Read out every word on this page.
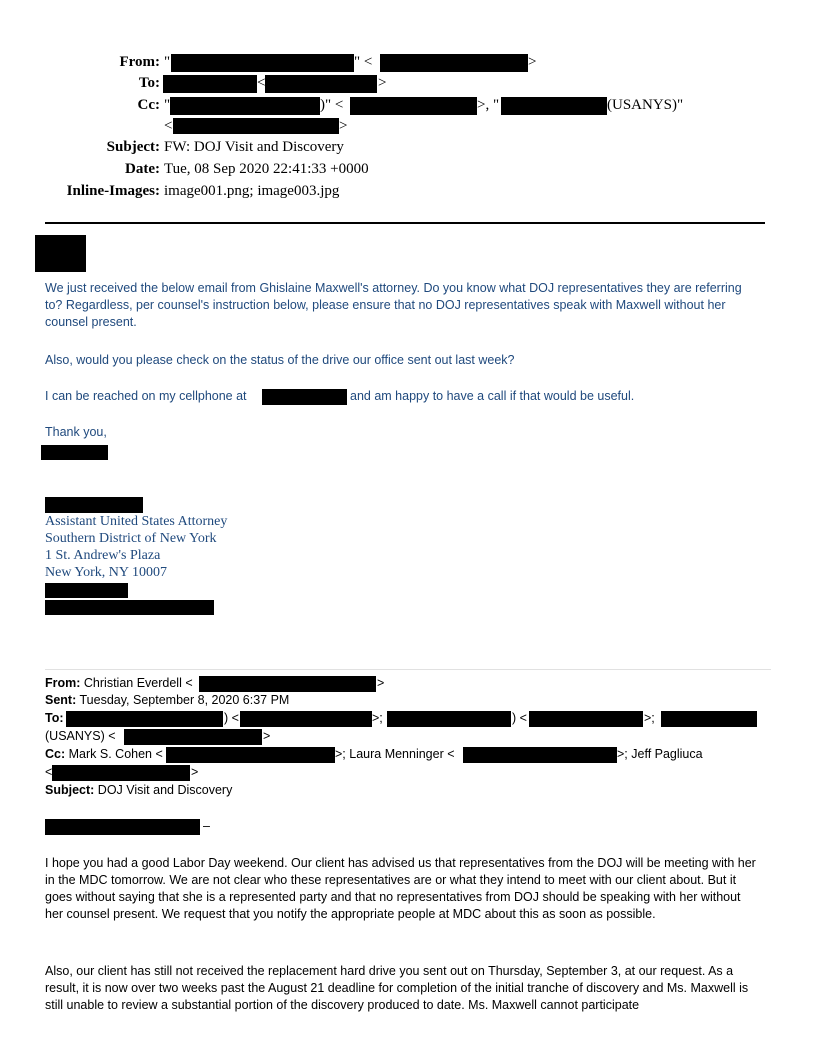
From: "	" <	>
To:	<	>
Cc: "	)" <	>, "	(USANYS)"
<	>
Subject: FW: DOJ Visit and Discovery
Date: Tue, 08 Sep 2020 22:41:33 +0000
Inline-Images: image001.png; image003.jpg
We just received the below email from Ghislaine Maxwell's attorney. Do you know what DOJ representatives they are referring to? Regardless, per counsel's instruction below, please ensure that no DOJ representatives speak with Maxwell without her counsel present.
Also, would you please check on the status of the drive our office sent out last week?
I can be reached on my cellphone at	and am happy to have a call if that would be useful.
Thank you,
Assistant United States Attorney
Southern District of New York
1 St. Andrew's Plaza
New York, NY 10007
From: Christian Everdell <	>
Sent: Tuesday, September 8, 2020 6:37 PM
To:	) <	>;	) <	>;
(USANYS) <	>
Cc: Mark S. Cohen <	>; Laura Menninger <	>; Jeff Pagliuca
<	>
Subject: DOJ Visit and Discovery
–
I hope you had a good Labor Day weekend. Our client has advised us that representatives from the DOJ will be meeting with her in the MDC tomorrow. We are not clear who these representatives are or what they intend to meet with our client about. But it goes without saying that she is a represented party and that no representatives from DOJ should be speaking with her without her counsel present. We request that you notify the appropriate people at MDC about this as soon as possible.
Also, our client has still not received the replacement hard drive you sent out on Thursday, September 3, at our request. As a result, it is now over two weeks past the August 21 deadline for completion of the initial tranche of discovery and Ms. Maxwell is still unable to review a substantial portion of the discovery produced to date. Ms. Maxwell cannot participate
